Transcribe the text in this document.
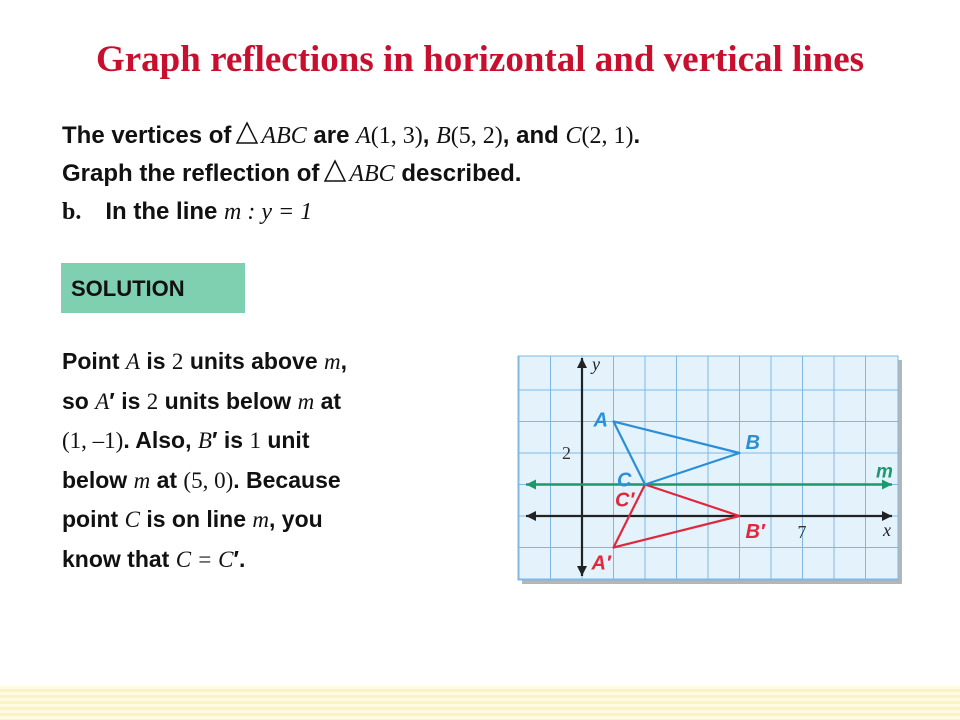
Graph reflections in horizontal and vertical lines
The vertices of ABC are A(1, 3), B(5, 2), and C(2, 1).
Graph the reflection of ABC described.
b. In the line m : y = 1
SOLUTION
Point A is 2 units above m,
so A′ is 2 units below m at
(1, –1). Also, B′ is 1 unit
below m at (5, 0). Because
point C is on line m, you
know that C = C′.
y
x
7
2
m
A
B
C
A′
B′
C′
